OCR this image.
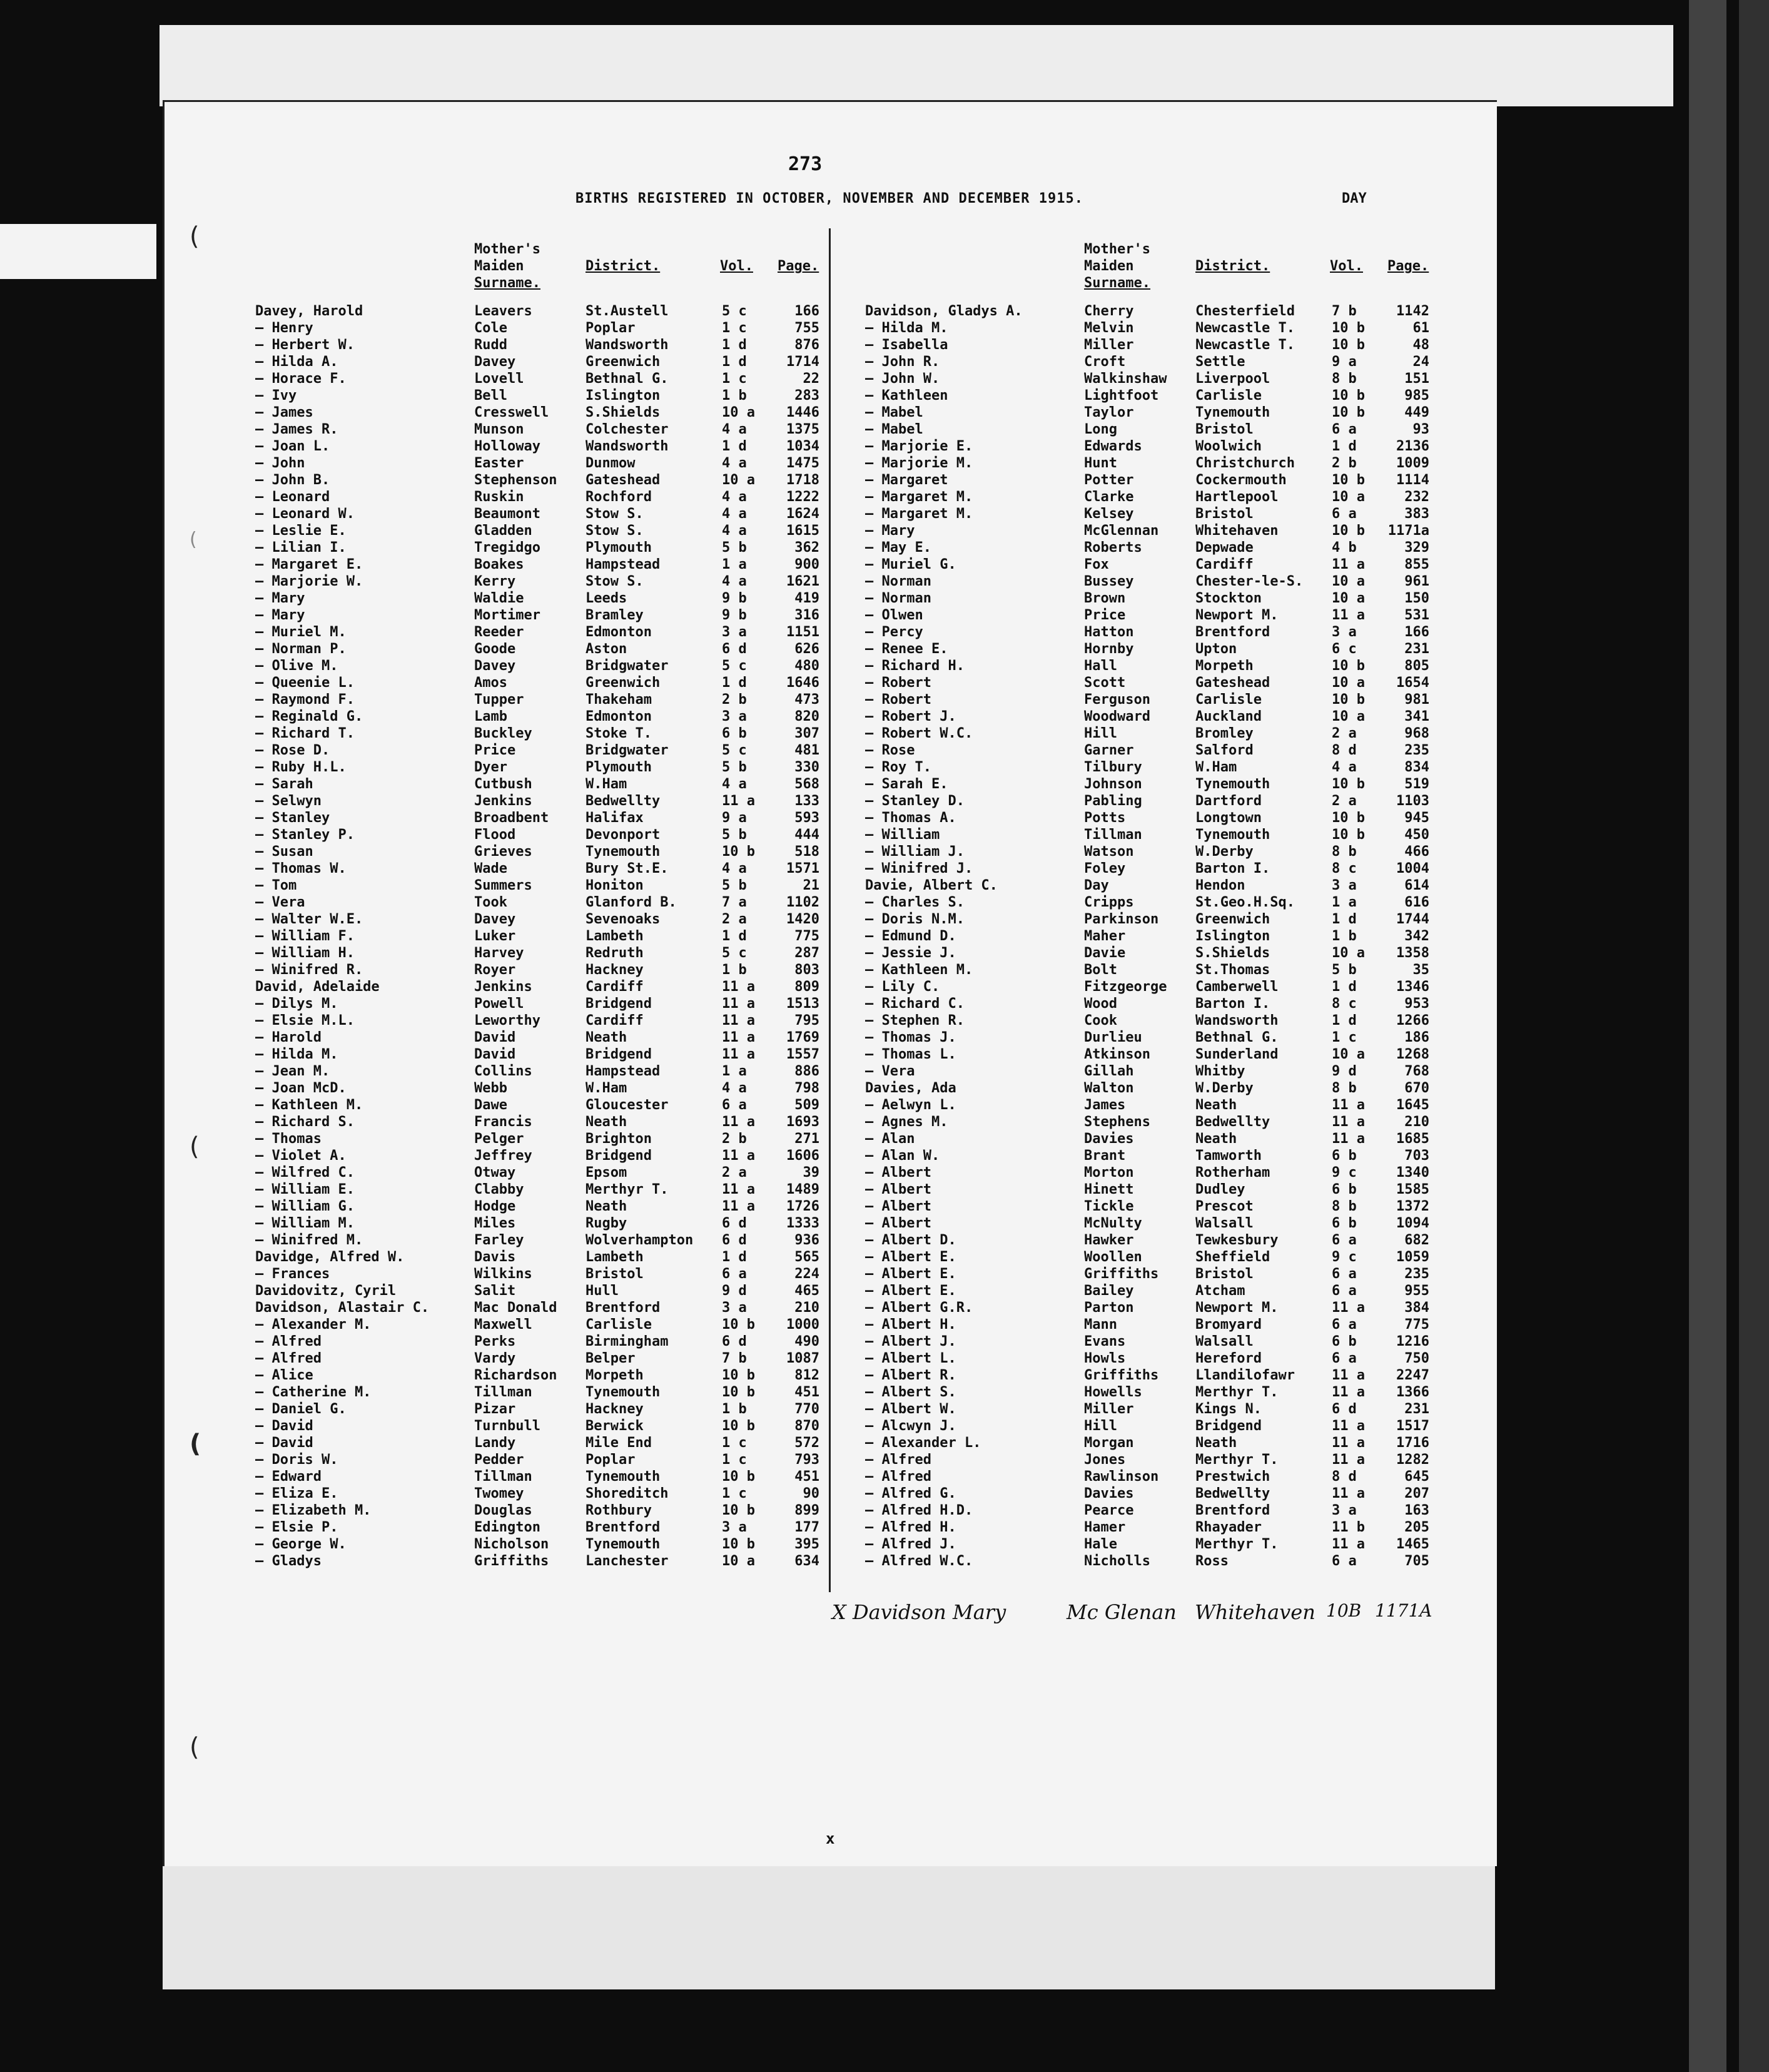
(
(
(
(
(
273
BIRTHS REGISTERED IN OCTOBER, NOVEMBER AND DECEMBER 1915.	DAY
Mother's
Maiden
Surname.
District.	Vol. Page.
Davey, Harold	Leavers	St.Austell	5 c	166
— Henry	Cole	Poplar	1 c	755
— Herbert W.	Rudd	Wandsworth	1 d	876
— Hilda A.	Davey	Greenwich	1 d	1714
— Horace F.	Lovell	Bethnal G.	1 c	22
— Ivy	Bell	Islington	1 b	283
— James	Cresswell	S.Shields	10 a	1446
— James R.	Munson	Colchester	4 a	1375
— Joan L.	Holloway	Wandsworth	1 d	1034
— John	Easter	Dunmow	4 a	1475
— John B.	Stephenson Gateshead	10 a	1718
— Leonard	Ruskin	Rochford	4 a	1222
— Leonard W.	Beaumont	Stow S.	4 a	1624
— Leslie E.	Gladden	Stow S.	4 a	1615
— Lilian I.	Tregidgo	Plymouth	5 b	362
— Margaret E.	Boakes	Hampstead	1 a	900
— Marjorie W.	Kerry	Stow S.	4 a	1621
— Mary	Waldie	Leeds	9 b	419
— Mary	Mortimer	Bramley	9 b	316
— Muriel M.	Reeder	Edmonton	3 a	1151
— Norman P.	Goode	Aston	6 d	626
— Olive M.	Davey	Bridgwater	5 c	480
— Queenie L.	Amos	Greenwich	1 d	1646
— Raymond F.	Tupper	Thakeham	2 b	473
— Reginald G.	Lamb	Edmonton	3 a	820
— Richard T.	Buckley	Stoke T.	6 b	307
— Rose D.	Price	Bridgwater	5 c	481
— Ruby H.L.	Dyer	Plymouth	5 b	330
— Sarah	Cutbush	W.Ham	4 a	568
— Selwyn	Jenkins	Bedwellty	11 a	133
— Stanley	Broadbent	Halifax	9 a	593
— Stanley P.	Flood	Devonport	5 b	444
— Susan	Grieves	Tynemouth	10 b	518
— Thomas W.	Wade	Bury St.E.	4 a	1571
— Tom	Summers	Honiton	5 b	21
— Vera	Took	Glanford B.	7 a	1102
— Walter W.E.	Davey	Sevenoaks	2 a	1420
— William F.	Luker	Lambeth	1 d	775
— William H.	Harvey	Redruth	5 c	287
— Winifred R.	Royer	Hackney	1 b	803
David, Adelaide	Jenkins	Cardiff	11 a	809
— Dilys M.	Powell	Bridgend	11 a	1513
— Elsie M.L.	Leworthy	Cardiff	11 a	795
— Harold	David	Neath	11 a	1769
— Hilda M.	David	Bridgend	11 a	1557
— Jean M.	Collins	Hampstead	1 a	886
— Joan McD.	Webb	W.Ham	4 a	798
— Kathleen M.	Dawe	Gloucester	6 a	509
— Richard S.	Francis	Neath	11 a	1693
— Thomas	Pelger	Brighton	2 b	271
— Violet A.	Jeffrey	Bridgend	11 a	1606
— Wilfred C.	Otway	Epsom	2 a	39
— William E.	Clabby	Merthyr T.	11 a	1489
— William G.	Hodge	Neath	11 a	1726
— William M.	Miles	Rugby	6 d	1333
— Winifred M.	Farley	Wolverhampton 6 d	936
Davidge, Alfred W.	Davis	Lambeth	1 d	565
— Frances	Wilkins	Bristol	6 a	224
Davidovitz, Cyril	Salit	Hull	9 d	465
Davidson, Alastair C.	Mac Donald Brentford	3 a	210
— Alexander M.	Maxwell	Carlisle	10 b	1000
— Alfred	Perks	Birmingham	6 d	490
— Alfred	Vardy	Belper	7 b	1087
— Alice	Richardson Morpeth	10 b	812
— Catherine M.	Tillman	Tynemouth	10 b	451
— Daniel G.	Pizar	Hackney	1 b	770
— David	Turnbull	Berwick	10 b	870
— David	Landy	Mile End	1 c	572
— Doris W.	Pedder	Poplar	1 c	793
— Edward	Tillman	Tynemouth	10 b	451
— Eliza E.	Twomey	Shoreditch	1 c	90
— Elizabeth M.	Douglas	Rothbury	10 b	899
— Elsie P.	Edington	Brentford	3 a	177
— George W.	Nicholson	Tynemouth	10 b	395
— Gladys	Griffiths	Lanchester	10 a	634
Mother's
Maiden
Surname.
District.	Vol. Page.
Davidson, Gladys A.	Cherry	Chesterfield	7 b	1142
— Hilda M.	Melvin	Newcastle T.	10 b	61
— Isabella	Miller	Newcastle T.	10 b	48
— John R.	Croft	Settle	9 a	24
— John W.	Walkinshaw Liverpool	8 b	151
— Kathleen	Lightfoot	Carlisle	10 b	985
— Mabel	Taylor	Tynemouth	10 b	449
— Mabel	Long	Bristol	6 a	93
— Marjorie E.	Edwards	Woolwich	1 d	2136
— Marjorie M.	Hunt	Christchurch	2 b	1009
— Margaret	Potter	Cockermouth	10 b	1114
— Margaret M.	Clarke	Hartlepool	10 a	232
— Margaret M.	Kelsey	Bristol	6 a	383
— Mary	McGlennan	Whitehaven	10 b	1171a
— May E.	Roberts	Depwade	4 b	329
— Muriel G.	Fox	Cardiff	11 a	855
— Norman	Bussey	Chester-le-S. 10 a	961
— Norman	Brown	Stockton	10 a	150
— Olwen	Price	Newport M.	11 a	531
— Percy	Hatton	Brentford	3 a	166
— Renee E.	Hornby	Upton	6 c	231
— Richard H.	Hall	Morpeth	10 b	805
— Robert	Scott	Gateshead	10 a	1654
— Robert	Ferguson	Carlisle	10 b	981
— Robert J.	Woodward	Auckland	10 a	341
— Robert W.C.	Hill	Bromley	2 a	968
— Rose	Garner	Salford	8 d	235
— Roy T.	Tilbury	W.Ham	4 a	834
— Sarah E.	Johnson	Tynemouth	10 b	519
— Stanley D.	Pabling	Dartford	2 a	1103
— Thomas A.	Potts	Longtown	10 b	945
— William	Tillman	Tynemouth	10 b	450
— William J.	Watson	W.Derby	8 b	466
— Winifred J.	Foley	Barton I.	8 c	1004
Davie, Albert C.	Day	Hendon	3 a	614
— Charles S.	Cripps	St.Geo.H.Sq.	1 a	616
— Doris N.M.	Parkinson	Greenwich	1 d	1744
— Edmund D.	Maher	Islington	1 b	342
— Jessie J.	Davie	S.Shields	10 a	1358
— Kathleen M.	Bolt	St.Thomas	5 b	35
— Lily C.	Fitzgeorge Camberwell	1 d	1346
— Richard C.	Wood	Barton I.	8 c	953
— Stephen R.	Cook	Wandsworth	1 d	1266
— Thomas J.	Durlieu	Bethnal G.	1 c	186
— Thomas L.	Atkinson	Sunderland	10 a	1268
— Vera	Gillah	Whitby	9 d	768
Davies, Ada	Walton	W.Derby	8 b	670
— Aelwyn L.	James	Neath	11 a	1645
— Agnes M.	Stephens	Bedwellty	11 a	210
— Alan	Davies	Neath	11 a	1685
— Alan W.	Brant	Tamworth	6 b	703
— Albert	Morton	Rotherham	9 c	1340
— Albert	Hinett	Dudley	6 b	1585
— Albert	Tickle	Prescot	8 b	1372
— Albert	McNulty	Walsall	6 b	1094
— Albert D.	Hawker	Tewkesbury	6 a	682
— Albert E.	Woollen	Sheffield	9 c	1059
— Albert E.	Griffiths	Bristol	6 a	235
— Albert E.	Bailey	Atcham	6 a	955
— Albert G.R.	Parton	Newport M.	11 a	384
— Albert H.	Mann	Bromyard	6 a	775
— Albert J.	Evans	Walsall	6 b	1216
— Albert L.	Howls	Hereford	6 a	750
— Albert R.	Griffiths	Llandilofawr	11 a	2247
— Albert S.	Howells	Merthyr T.	11 a	1366
— Albert W.	Miller	Kings N.	6 d	231
— Alcwyn J.	Hill	Bridgend	11 a	1517
— Alexander L.	Morgan	Neath	11 a	1716
— Alfred	Jones	Merthyr T.	11 a	1282
— Alfred	Rawlinson	Prestwich	8 d	645
— Alfred G.	Davies	Bedwellty	11 a	207
— Alfred H.D.	Pearce	Brentford	3 a	163
— Alfred H.	Hamer	Rhayader	11 b	205
— Alfred J.	Hale	Merthyr T.	11 a	1465
— Alfred W.C.	Nicholls	Ross	6 a	705
X Davidson Mary	Mc Glenan Whitehaven 10B 1171A
x
